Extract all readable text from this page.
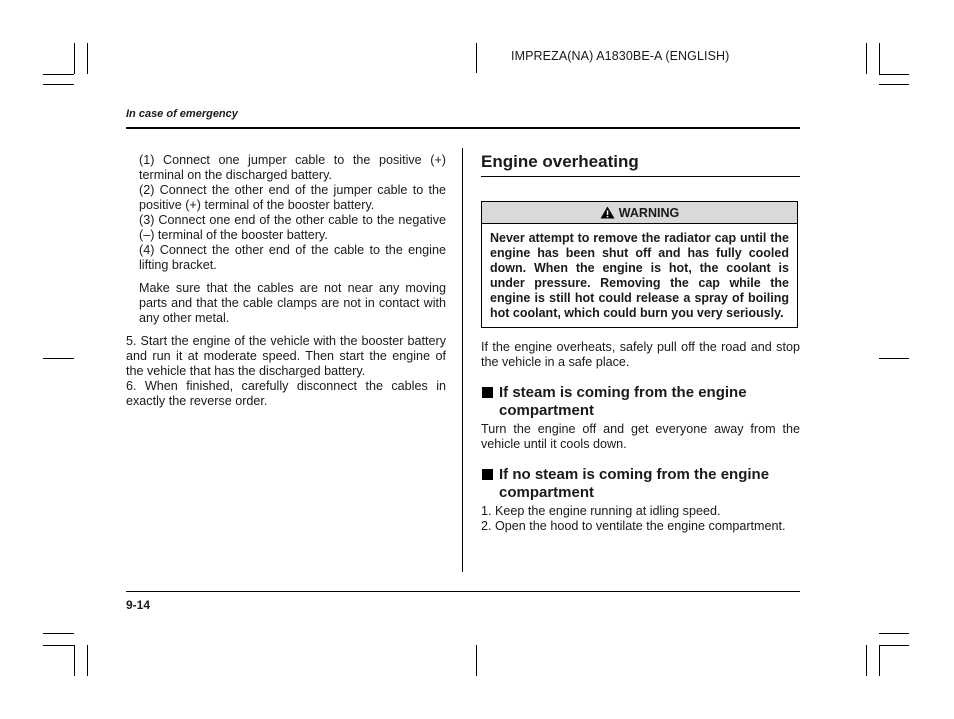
IMPREZA(NA) A1830BE-A (ENGLISH)
In case of emergency

(1) Connect one jumper cable to the positive (+) terminal on the discharged battery.

(2) Connect the other end of the jumper cable to the positive (+) terminal of the booster battery.

(3) Connect one end of the other cable to the negative (–) terminal of the booster battery.

(4) Connect the other end of the cable to the engine lifting bracket.

Make sure that the cables are not near any moving parts and that the cable clamps are not in contact with any other metal.

5. Start the engine of the vehicle with the booster battery and run it at moderate speed. Then start the engine of the vehicle that has the discharged battery.

6. When finished, carefully disconnect the cables in exactly the reverse order.

Engine overheating
WARNING
Never attempt to remove the radiator cap until the engine has been shut off and has fully cooled down. When the engine is hot, the coolant is under pressure. Removing the cap while the engine is still hot could release a spray of boiling hot coolant, which could burn you very seriously.

If the engine overheats, safely pull off the road and stop the vehicle in a safe place.

If steam is coming from the engine compartment

Turn the engine off and get everyone away from the vehicle until it cools down.

If no steam is coming from the engine compartment

1. Keep the engine running at idling speed.

2. Open the hood to ventilate the engine compartment.

9-14
